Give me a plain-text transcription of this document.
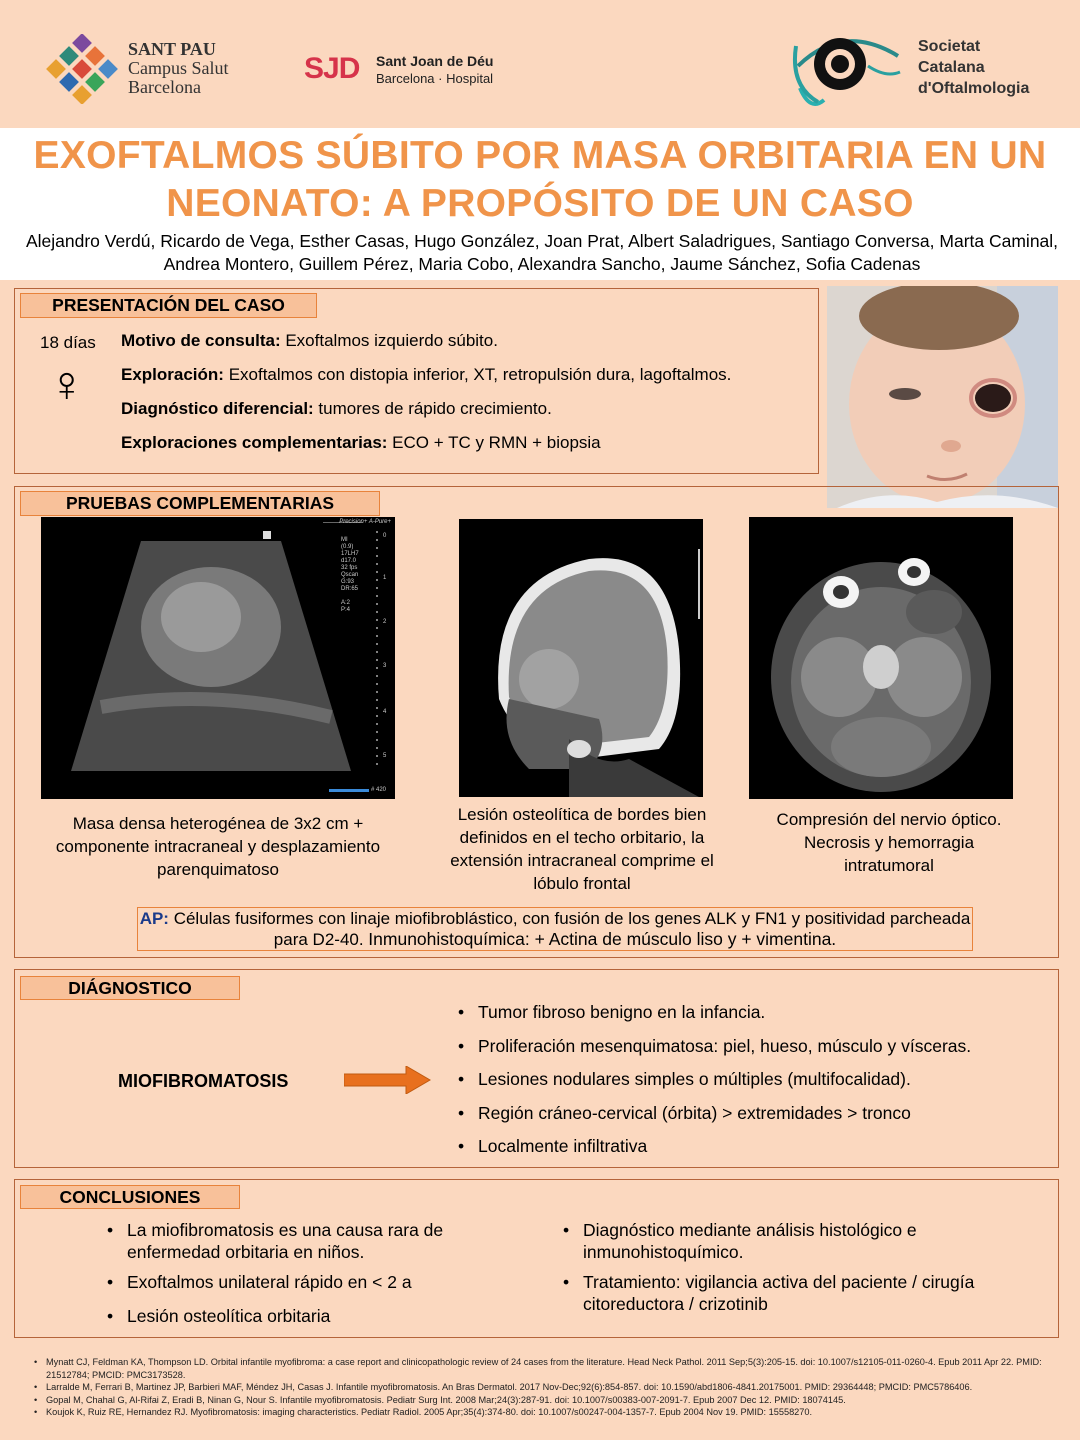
SANT PAU
Campus Salut
Barcelona
SJD Sant Joan de Déu
Barcelona · Hospital
Societat
Catalana
d'Oftalmologia
EXOFTALMOS SÚBITO POR MASA ORBITARIA EN UN
NEONATO: A PROPÓSITO DE UN CASO
Alejandro Verdú, Ricardo de Vega, Esther Casas, Hugo González, Joan Prat, Albert Saladrigues, Santiago Conversa, Marta Caminal, Andrea Montero, Guillem Pérez, Maria Cobo, Alexandra Sancho, Jaume Sánchez, Sofia Cadenas
PRESENTACIÓN DEL CASO
18 días
♀
Motivo de consulta: Exoftalmos izquierdo súbito.
Exploración: Exoftalmos con distopia inferior, XT, retropulsión dura, lagoftalmos.
Diagnóstico diferencial: tumores de rápido crecimiento.
Exploraciones complementarias: ECO + TC y RMN + biopsia
PRUEBAS COMPLEMENTARIAS
Precision+ A-Pure+
MI
(0.9)
17LH7
d17.0
32 fps
Qscan
G:93
DR:65

A:2
P:4
0
1
2
3
4
5
# 420
Masa densa heterogénea de 3x2 cm + componente intracraneal y desplazamiento parenquimatoso
Lesión osteolítica de bordes bien definidos en el techo orbitario, la extensión intracraneal comprime el lóbulo frontal
Compresión del nervio óptico. Necrosis y hemorragia intratumoral
AP: Células fusiformes con linaje miofibroblástico, con fusión de los genes ALK y FN1 y positividad parcheada para D2-40. Inmunohistoquímica: + Actina de músculo liso y + vimentina.
DIÁGNOSTICO
MIOFIBROMATOSIS
• Tumor fibroso benigno en la infancia.
• Proliferación mesenquimatosa: piel, hueso, músculo y vísceras.
• Lesiones nodulares simples o múltiples (multifocalidad).
• Región cráneo-cervical (órbita) > extremidades > tronco
• Localmente infiltrativa
CONCLUSIONES
• La miofibromatosis es una causa rara de enfermedad orbitaria en niños.
• Exoftalmos unilateral rápido en < 2 a
• Lesión osteolítica orbitaria
• Diagnóstico mediante análisis histológico e inmunohistoquímico.
• Tratamiento: vigilancia activa del paciente / cirugía citoreductora / crizotinib
• Mynatt CJ, Feldman KA, Thompson LD. Orbital infantile myofibroma: a case report and clinicopathologic review of 24 cases from the literature. Head Neck Pathol. 2011 Sep;5(3):205-15. doi: 10.1007/s12105-011-0260-4. Epub 2011 Apr 22. PMID: 21512784; PMCID: PMC3173528.
• Larralde M, Ferrari B, Martinez JP, Barbieri MAF, Méndez JH, Casas J. Infantile myofibromatosis. An Bras Dermatol. 2017 Nov-Dec;92(6):854-857. doi: 10.1590/abd1806-4841.20175001. PMID: 29364448; PMCID: PMC5786406.
• Gopal M, Chahal G, Al-Rifai Z, Eradi B, Ninan G, Nour S. Infantile myofibromatosis. Pediatr Surg Int. 2008 Mar;24(3):287-91. doi: 10.1007/s00383-007-2091-7. Epub 2007 Dec 12. PMID: 18074145.
• Koujok K, Ruiz RE, Hernandez RJ. Myofibromatosis: imaging characteristics. Pediatr Radiol. 2005 Apr;35(4):374-80. doi: 10.1007/s00247-004-1357-7. Epub 2004 Nov 19. PMID: 15558270.
